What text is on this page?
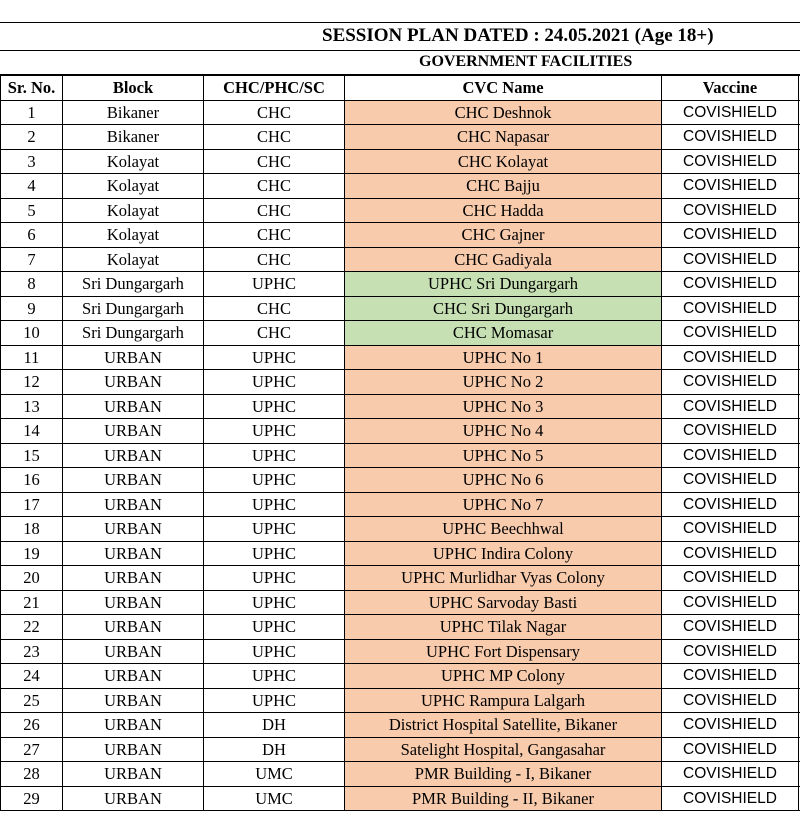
SESSION PLAN DATED : 24.05.2021 (Age 18+)
GOVERNMENT FACILITIES
Sr. No.	Block	CHC/PHC/SC	CVC Name	Vaccine	
1	Bikaner	CHC	CHC Deshnok	COVISHIELD	
2	Bikaner	CHC	CHC Napasar	COVISHIELD	
3	Kolayat	CHC	CHC Kolayat	COVISHIELD	
4	Kolayat	CHC	CHC Bajju	COVISHIELD	
5	Kolayat	CHC	CHC Hadda	COVISHIELD	
6	Kolayat	CHC	CHC Gajner	COVISHIELD	
7	Kolayat	CHC	CHC Gadiyala	COVISHIELD	
8	Sri Dungargarh	UPHC	UPHC Sri Dungargarh	COVISHIELD	
9	Sri Dungargarh	CHC	CHC Sri Dungargarh	COVISHIELD	
10	Sri Dungargarh	CHC	CHC Momasar	COVISHIELD	
11	URBAN	UPHC	UPHC No 1	COVISHIELD	
12	URBAN	UPHC	UPHC No 2	COVISHIELD	
13	URBAN	UPHC	UPHC No 3	COVISHIELD	
14	URBAN	UPHC	UPHC No 4	COVISHIELD	
15	URBAN	UPHC	UPHC No 5	COVISHIELD	
16	URBAN	UPHC	UPHC No 6	COVISHIELD	
17	URBAN	UPHC	UPHC No 7	COVISHIELD	
18	URBAN	UPHC	UPHC Beechhwal	COVISHIELD	
19	URBAN	UPHC	UPHC Indira Colony	COVISHIELD	
20	URBAN	UPHC	UPHC Murlidhar Vyas Colony	COVISHIELD	
21	URBAN	UPHC	UPHC Sarvoday Basti	COVISHIELD	
22	URBAN	UPHC	UPHC Tilak Nagar	COVISHIELD	
23	URBAN	UPHC	UPHC Fort Dispensary	COVISHIELD	
24	URBAN	UPHC	UPHC MP Colony	COVISHIELD	
25	URBAN	UPHC	UPHC Rampura Lalgarh	COVISHIELD	
26	URBAN	DH	District Hospital Satellite, Bikaner	COVISHIELD	
27	URBAN	DH	Satelight Hospital, Gangasahar	COVISHIELD	
28	URBAN	UMC	PMR Building - I, Bikaner	COVISHIELD	
29	URBAN	UMC	PMR Building - II, Bikaner	COVISHIELD	
